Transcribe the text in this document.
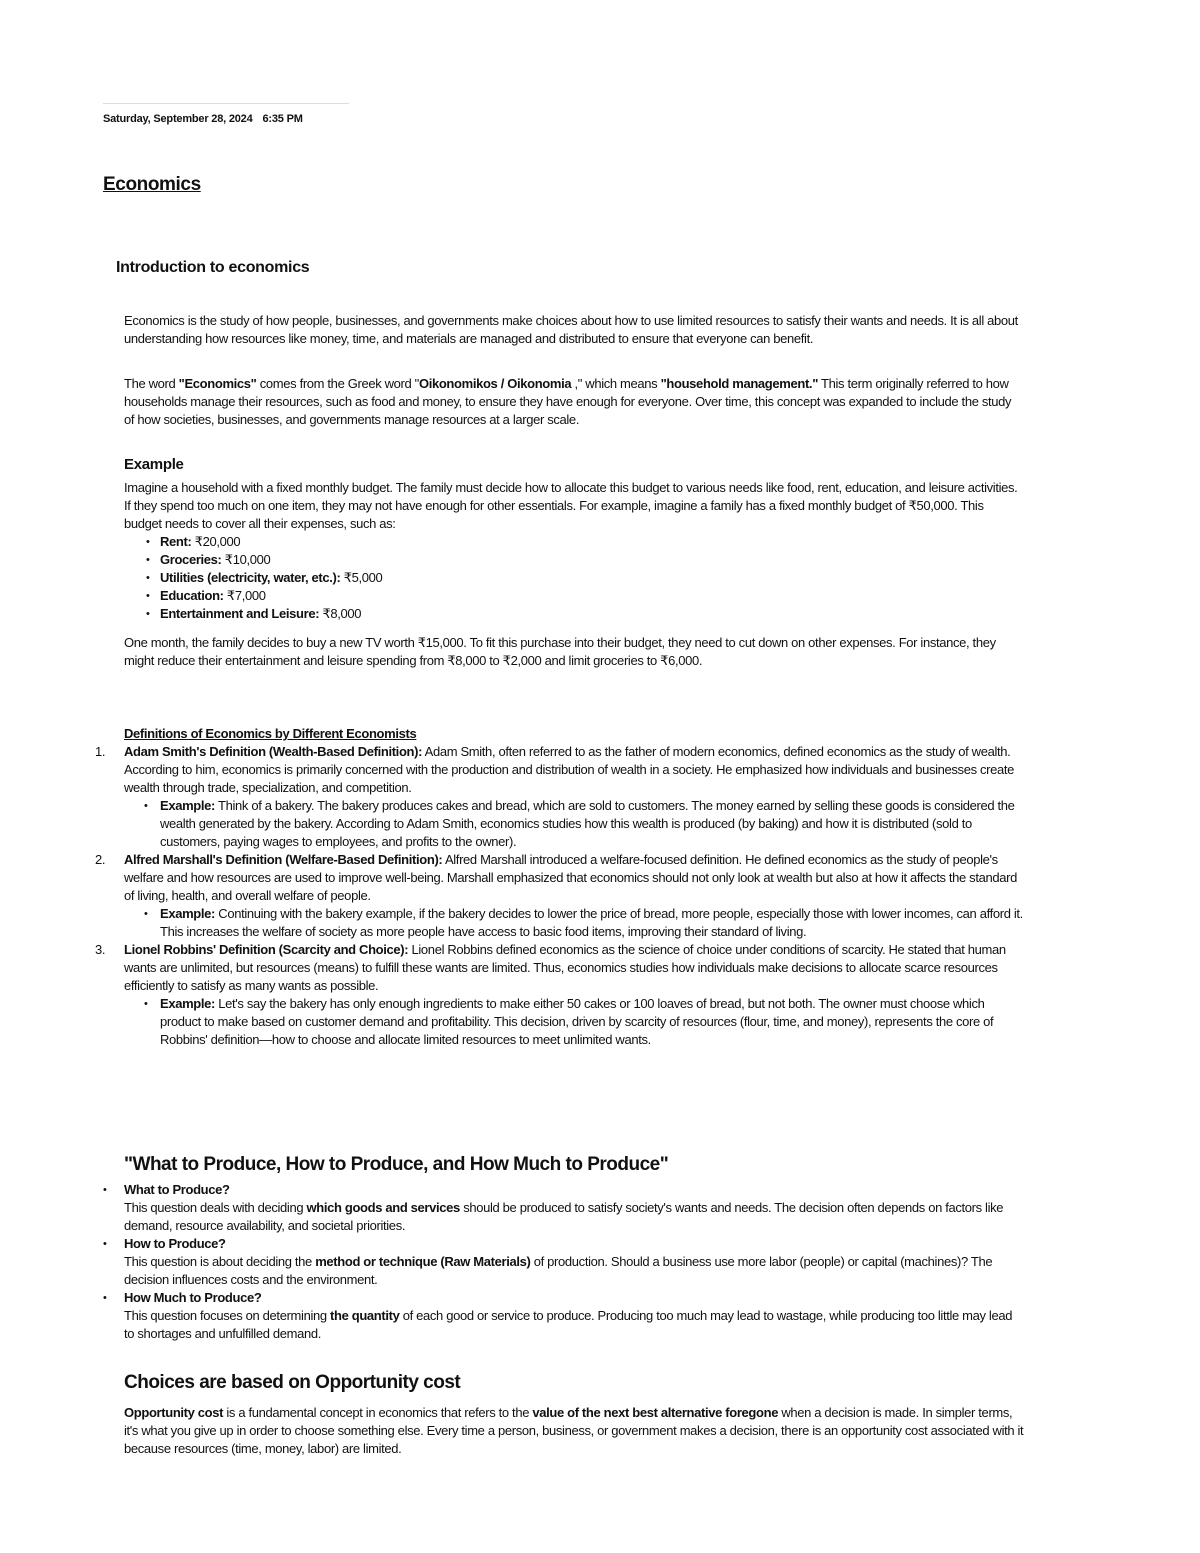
Saturday, September 28, 2024 6:35 PM
Economics
Introduction to economics

Economics is the study of how people, businesses, and governments make choices about how to use limited resources to satisfy their wants and needs. It is all about understanding how resources like money, time, and materials are managed and distributed to ensure that everyone can benefit.

The word "Economics" comes from the Greek word "Oikonomikos / Oikonomia ," which means "household management." This term originally referred to how households manage their resources, such as food and money, to ensure they have enough for everyone. Over time, this concept was expanded to include the study of how societies, businesses, and governments manage resources at a larger scale.

Example

Imagine a household with a fixed monthly budget. The family must decide how to allocate this budget to various needs like food, rent, education, and leisure activities. If they spend too much on one item, they may not have enough for other essentials. For example, imagine a family has a fixed monthly budget of ₹50,000. This budget needs to cover all their expenses, such as:

• Rent: ₹20,000
• Groceries: ₹10,000
• Utilities (electricity, water, etc.): ₹5,000
• Education: ₹7,000
• Entertainment and Leisure: ₹8,000

One month, the family decides to buy a new TV worth ₹15,000. To fit this purchase into their budget, they need to cut down on other expenses. For instance, they might reduce their entertainment and leisure spending from ₹8,000 to ₹2,000 and limit groceries to ₹6,000.

Definitions of Economics by Different Economists

1. Adam Smith's Definition (Wealth-Based Definition): Adam Smith, often referred to as the father of modern economics, defined economics as the study of wealth. According to him, economics is primarily concerned with the production and distribution of wealth in a society. He emphasized how individuals and businesses create wealth through trade, specialization, and competition.
• Example: Think of a bakery. The bakery produces cakes and bread, which are sold to customers. The money earned by selling these goods is considered the wealth generated by the bakery. According to Adam Smith, economics studies how this wealth is produced (by baking) and how it is distributed (sold to customers, paying wages to employees, and profits to the owner).
2. Alfred Marshall's Definition (Welfare-Based Definition): Alfred Marshall introduced a welfare-focused definition. He defined economics as the study of people's welfare and how resources are used to improve well-being. Marshall emphasized that economics should not only look at wealth but also at how it affects the standard of living, health, and overall welfare of people.
• Example: Continuing with the bakery example, if the bakery decides to lower the price of bread, more people, especially those with lower incomes, can afford it. This increases the welfare of society as more people have access to basic food items, improving their standard of living.
3. Lionel Robbins' Definition (Scarcity and Choice): Lionel Robbins defined economics as the science of choice under conditions of scarcity. He stated that human wants are unlimited, but resources (means) to fulfill these wants are limited. Thus, economics studies how individuals make decisions to allocate scarce resources efficiently to satisfy as many wants as possible.
• Example: Let's say the bakery has only enough ingredients to make either 50 cakes or 100 loaves of bread, but not both. The owner must choose which product to make based on customer demand and profitability. This decision, driven by scarcity of resources (flour, time, and money), represents the core of Robbins' definition—how to choose and allocate limited resources to meet unlimited wants.
"What to Produce, How to Produce, and How Much to Produce"
• What to Produce?
This question deals with deciding which goods and services should be produced to satisfy society's wants and needs. The decision often depends on factors like demand, resource availability, and societal priorities.
• How to Produce?
This question is about deciding the method or technique (Raw Materials) of production. Should a business use more labor (people) or capital (machines)? The decision influences costs and the environment.
• How Much to Produce?
This question focuses on determining the quantity of each good or service to produce. Producing too much may lead to wastage, while producing too little may lead to shortages and unfulfilled demand.
Choices are based on Opportunity cost

Opportunity cost is a fundamental concept in economics that refers to the value of the next best alternative foregone when a decision is made. In simpler terms, it's what you give up in order to choose something else. Every time a person, business, or government makes a decision, there is an opportunity cost associated with it because resources (time, money, labor) are limited.
